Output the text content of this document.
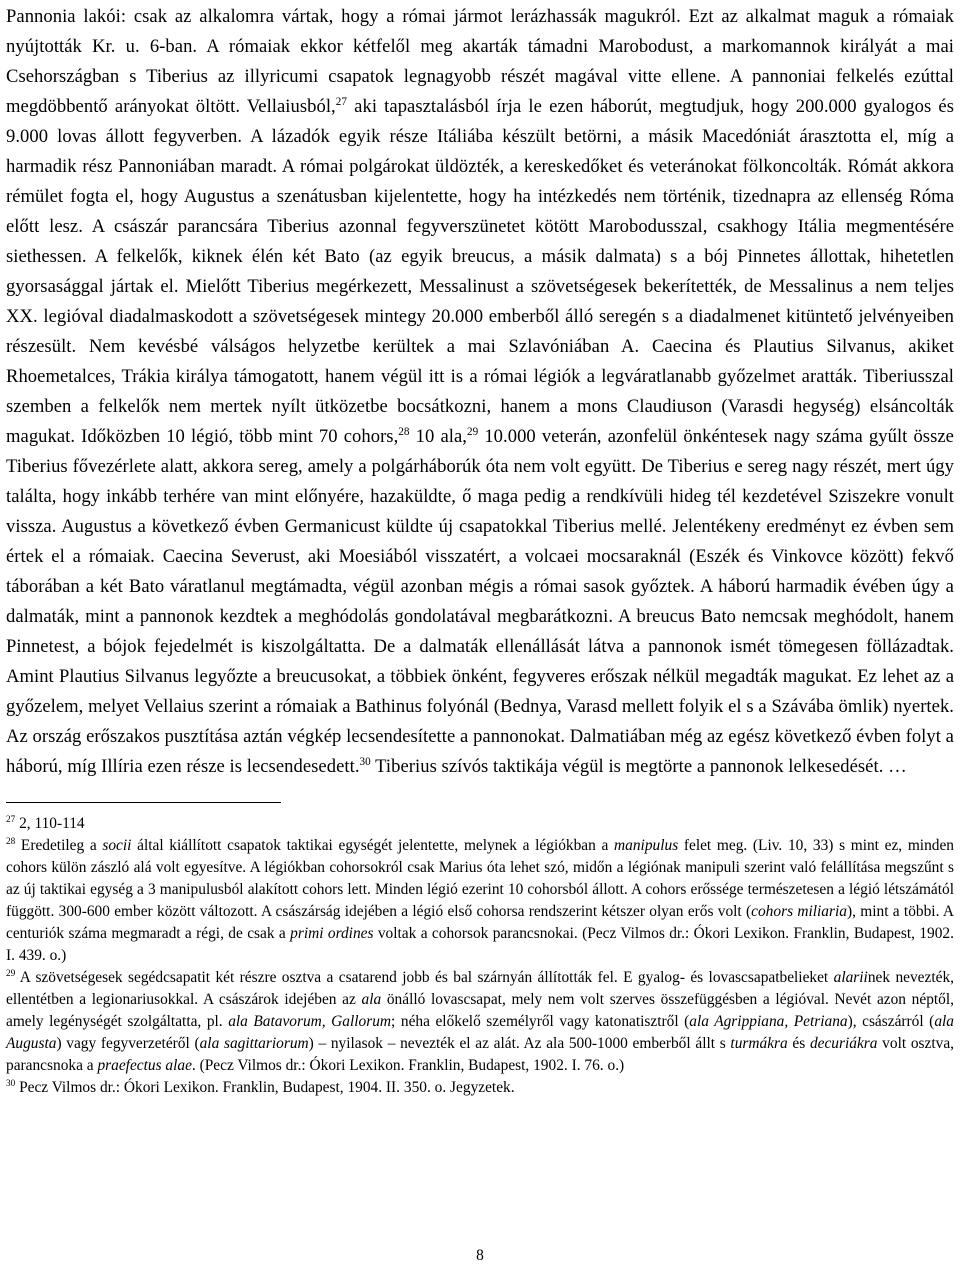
Pannonia lakói: csak az alkalomra vártak, hogy a római jármot lerázhassák magukról. Ezt az alkalmat maguk a rómaiak nyújtották Kr. u. 6-ban. A rómaiak ekkor kétfelől meg akarták támadni Marobodust, a markomannok királyát a mai Csehországban s Tiberius az illyricumi csapatok legnagyobb részét magával vitte ellene. A pannoniai felkelés ezúttal megdöbbentő arányokat öltött. Vellaiusból,$^{27}$ aki tapasztalásból írja le ezen háborút, megtudjuk, hogy 200.000 gyalogos és 9.000 lovas állott fegyverben. A lázadók egyik része Itáliába készült betörni, a másik Macedóniát árasztotta el, míg a harmadik rész Pannoniában maradt. A római polgárokat üldözték, a kereskedőket és veteránokat fölkoncolták. Rómát akkora rémület fogta el, hogy Augustus a szenátusban kijelentette, hogy ha intézkedés nem történik, tizednapra az ellenség Róma előtt lesz. A császár parancsára Tiberius azonnal fegyverszünetet kötött Marobodusszal, csakhogy Itália megmentésére siethessen. A felkelők, kiknek élén két Bato (az egyik breucus, a másik dalmata) s a bój Pinnetes állottak, hihetetlen gyorsasággal jártak el. Mielőtt Tiberius megérkezett, Messalinust a szövetségesek bekerítették, de Messalinus a nem teljes XX. legióval diadalmaskodott a szövetségesek mintegy 20.000 emberből álló seregén s a diadalmenet kitüntető jelvényeiben részesült. Nem kevésbé válságos helyzetbe kerültek a mai Szlavóniában A. Caecina és Plautius Silvanus, akiket Rhoemetalces, Trákia királya támogatott, hanem végül itt is a római légiók a legváratlanabb győzelmet aratták. Tiberiusszal szemben a felkelők nem mertek nyílt ütközetbe bocsátkozni, hanem a mons Claudiuson (Varasdi hegység) elsáncolták magukat. Időközben 10 légió, több mint 70 cohors,$^{28}$ 10 ala,$^{29}$ 10.000 veterán, azonfelül önkéntesek nagy száma gyűlt össze Tiberius fővezérlete alatt, akkora sereg, amely a polgárháborúk óta nem volt együtt. De Tiberius e sereg nagy részét, mert úgy találta, hogy inkább terhére van mint előnyére, hazaküldte, ő maga pedig a rendkívüli hideg tél kezdetével Sziszekre vonult vissza. Augustus a következő évben Germanicust küldte új csapatokkal Tiberius mellé. Jelentékeny eredményt ez évben sem értek el a rómaiak. Caecina Severust, aki Moesiából visszatért, a volcaei mocsaraknál (Eszék és Vinkovce között) fekvő táborában a két Bato váratlanul megtámadta, végül azonban mégis a római sasok győztek. A háború harmadik évében úgy a dalmaták, mint a pannonok kezdtek a meghódolás gondolatával megbarátkozni. A breucus Bato nemcsak meghódolt, hanem Pinnetest, a bójok fejedelmét is kiszolgáltatta. De a dalmaták ellenállását látva a pannonok ismét tömegesen föllázadtak. Amint Plautius Silvanus legyőzte a breucusokat, a többiek önként, fegyveres erőszak nélkül megadták magukat. Ez lehet az a győzelem, melyet Vellaius szerint a rómaiak a Bathinus folyónál (Bednya, Varasd mellett folyik el s a Szávába ömlik) nyertek. Az ország erőszakos pusztítása aztán végkép lecsendesítette a pannonokat. Dalmatiában még az egész következő évben folyt a háború, míg Illíria ezen része is lecsendesedett.$^{30}$ Tiberius szívós taktikája végül is megtörte a pannonok lelkesedését. …

$^{27}$ 2, 110-114

$^{28}$ Eredetileg a socii által kiállított csapatok taktikai egységét jelentette, melynek a légiókban a manipulus felet meg. (Liv. 10, 33) s mint ez, minden cohors külön zászló alá volt egyesítve. A légiókban cohorsokról csak Marius óta lehet szó, midőn a légiónak manipuli szerint való felállítása megszűnt s az új taktikai egység a 3 manipulusból alakított cohors lett. Minden légió ezerint 10 cohorsból állott. A cohors erőssége természetesen a légió létszámától függött. 300-600 ember között változott. A császárság idejében a légió első cohorsa rendszerint kétszer olyan erős volt (cohors miliaria), mint a többi. A centuriók száma megmaradt a régi, de csak a primi ordines voltak a cohorsok parancsnokai. (Pecz Vilmos dr.: Ókori Lexikon. Franklin, Budapest, 1902. I. 439. o.)

$^{29}$ A szövetségesek segédcsapatit két részre osztva a csatarend jobb és bal szárnyán állították fel. E gyalog- és lovascsapatbelieket alariinek nevezték, ellentétben a legionariusokkal. A császárok idejében az ala önálló lovascsapat, mely nem volt szerves összefüggésben a légióval. Nevét azon néptől, amely legénységét szolgáltatta, pl. ala Batavorum, Gallorum; néha előkelő személyről vagy katonatisztről (ala Agrippiana, Petriana), császárról (ala Augusta) vagy fegyverzetéről (ala sagittariorum) – nyilasok – nevezték el az alát. Az ala 500-1000 emberből állt s turmákra és decuriákra volt osztva, parancsnoka a praefectus alae. (Pecz Vilmos dr.: Ókori Lexikon. Franklin, Budapest, 1902. I. 76. o.)

$^{30}$ Pecz Vilmos dr.: Ókori Lexikon. Franklin, Budapest, 1904. II. 350. o. Jegyzetek.

8
